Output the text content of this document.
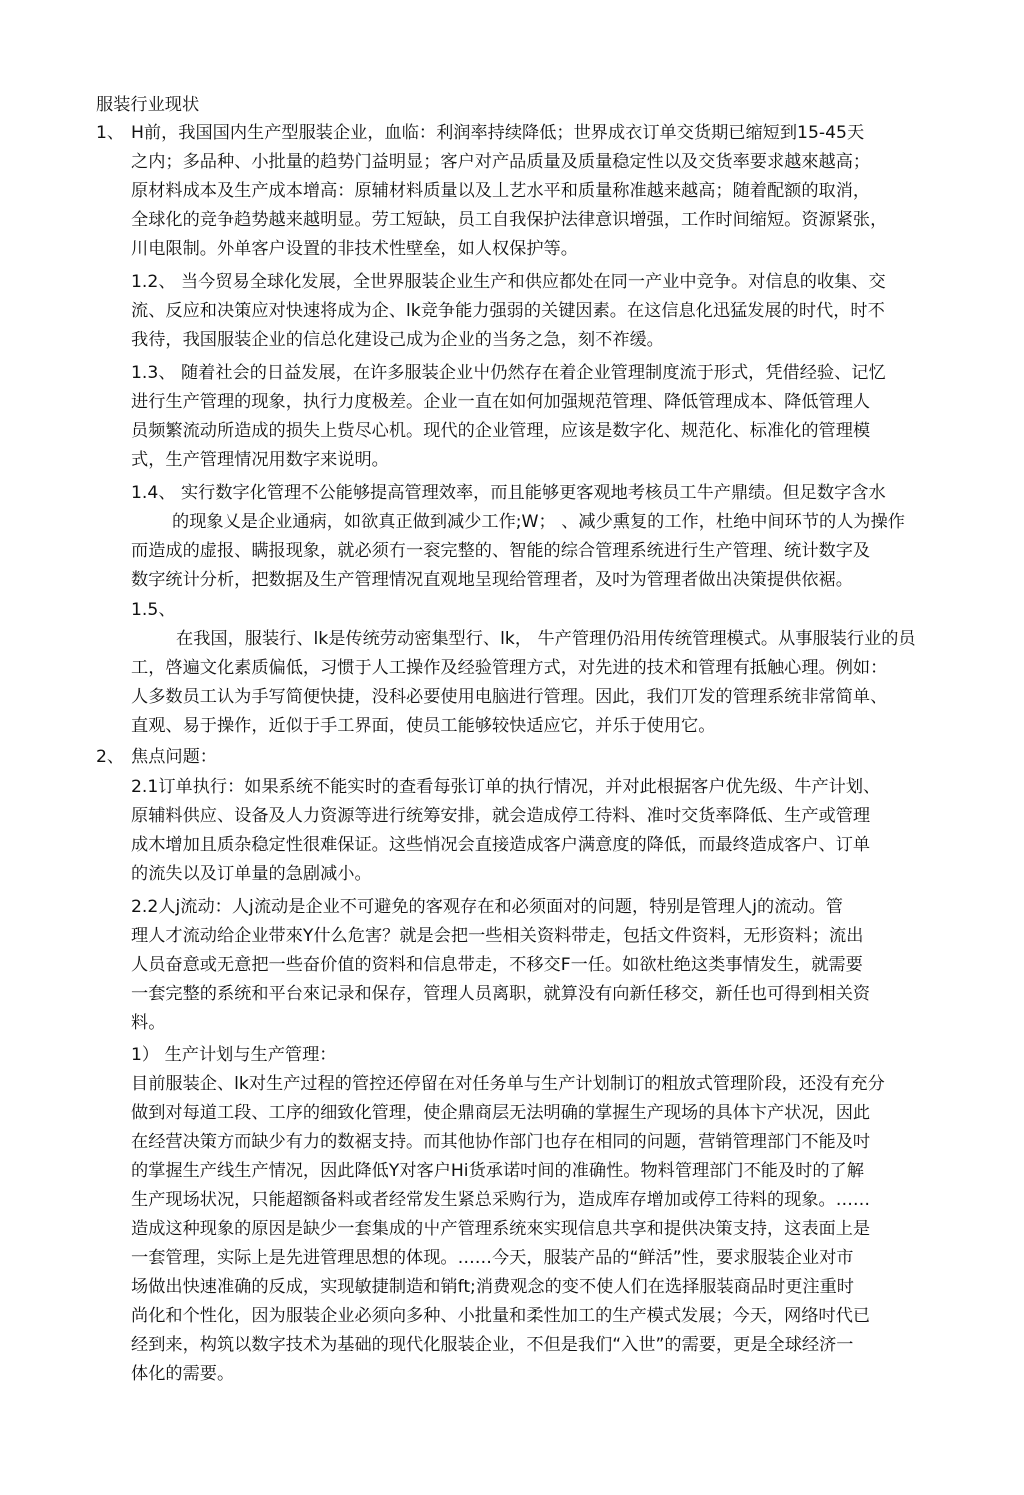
服装行业现状

1、 H前，我国国内生产型服装企业，血临：利润率持续降低；世界成衣订单交货期已缩短到15-45天

之内；多品种、小批量的趋势门益明显；客户对产品质量及质量稳定性以及交货率要求越來越高；

原材料成本及生产成本增高：原辅材料质量以及丄艺水平和质量称准越来越高；随着配额的取消，

全球化的竞争趋势越来越明显。劳工短缺，员工自我保护法律意识增强，工作时间缩短。资源紧张，

川电限制。外单客户设置的非技术性壁垒，如人权保护等。

1.2、 当今贸易全球化发展，全世界服装企业生产和供应都处在同一产业中竞争。对信息的收集、交

流、反应和决策应对快速将成为企、lk竞争能力强弱的关键因素。在这信息化迅猛发展的时代，时不

我待，我国服装企业的信总化建设己成为企业的当务之急，刻不祚缓。

1.3、 随着社会的日益发展，在许多服装企业屮仍然存在着企业管理制度流于形式，凭借经验、记忆

进行生产管理的现象，执行力度极差。企业一直在如何加强规范管理、降低管理成本、降低管理人

员频繁流动所造成的损失上赀尽心机。现代的企业管理，应该是数字化、规范化、标准化的管理模

式，生产管理情况用数字来说明。

1.4、 实行数字化管理不公能够提高管理效率，而且能够更客观地考核员工牛产鼎绩。但足数字含水

的现象乂是企业通病，如欲真正做到减少工作;W； 、减少熏复的工作，杜绝中间环节的人为操作

而造成的虚报、瞒报现象，就必须冇一衮完整的、智能的综合管理系统进行生产管理、统计数字及

数字统计分析，把数据及生产管理情况直观地呈现给管理者，及吋为管理者做出决策提供依裾。

1.5、

在我国，服装行、lk是传统劳动密集型行、lk， 牛产管理仍沿用传统管理模式。从事服装行业的员

工，啓遍文化素质偏低，习惯于人工操作及经验管理方式，对先进的技术和管理有抵触心理。例如：

人多数员工认为手写简便快捷，没科必要使用电脑进行管理。因此，我们丌发的管理系统非常简单、

直观、易于操作，近似于手工界面，使员工能够较快适应它，并乐于使用它。

2、 焦点问题：

2.1订单执行：如果系统不能实时的查看每张订单的执行情况，并对此根据客户优先级、牛产计划、

原辅料供应、设备及人力资源等进行统筹安排，就会造成停工待料、准吋交货率降低、生产或管理

成木增加且质杂稳定性很难保证。这些悄况会直接造成客户满意度的降低，而最终造成客户、订单

的流失以及订单量的急剧减小。

2.2人j流动：人j流动是企业不可避免的客观存在和必须面对的问题，特别是管理人j的流动。管

理人才流动给企业带來Y什么危害？就是会把一些相关资料带走，包括文件资料，无形资料；流出

人员奋意或无意把一些奋价值的资料和信息带走，不移交F一任。如欲杜绝这类事情发生，就需要

一套完整的系统和平台來记录和保存，管理人员离职，就算没有向新任移交，新任也可得到相关资

料。

1） 生产计划与生产管理：

目前服装企、lk对生产过程的管控还停留在对任务单与生产计划制订的粗放式管理阶段，还没有充分

做到对每道工段、工序的细致化管理，使企鼎商层无法明确的掌握生产现场的具体卞产状况，因此

在经营决策方而缺少有力的数裾支持。而其他协作部门也存在相同的问题，营销管理部门不能及吋

的掌握生产线生产情况，因此降低Y对客户Hi货承诺吋间的准确性。物料管理部门不能及时的了解

生产现场状况，只能超额备料或者经常发生紧总采购行为，造成库存增加或停工待料的现象。……

造成这种现象的原因是缺少一套集成的屮产管理系统來实现信息共享和提供决策支持，这表面上是

一套管理，实际上是先进管理思想的体现。……今天，服装产品的“鲜活”性，要求服装企业对市

场做出快速准确的反成，实现敏捷制造和销ft;消费观念的变不使人们在选择服装商品时更注重时

尚化和个性化，因为服装企业必须向多种、小批量和柔性加工的生产模式发展；今天，网络吋代已

经到来，构筑以数字技术为基础的现代化服装企业，不但是我们“入世”的需要，更是全球经济一

体化的需要。
